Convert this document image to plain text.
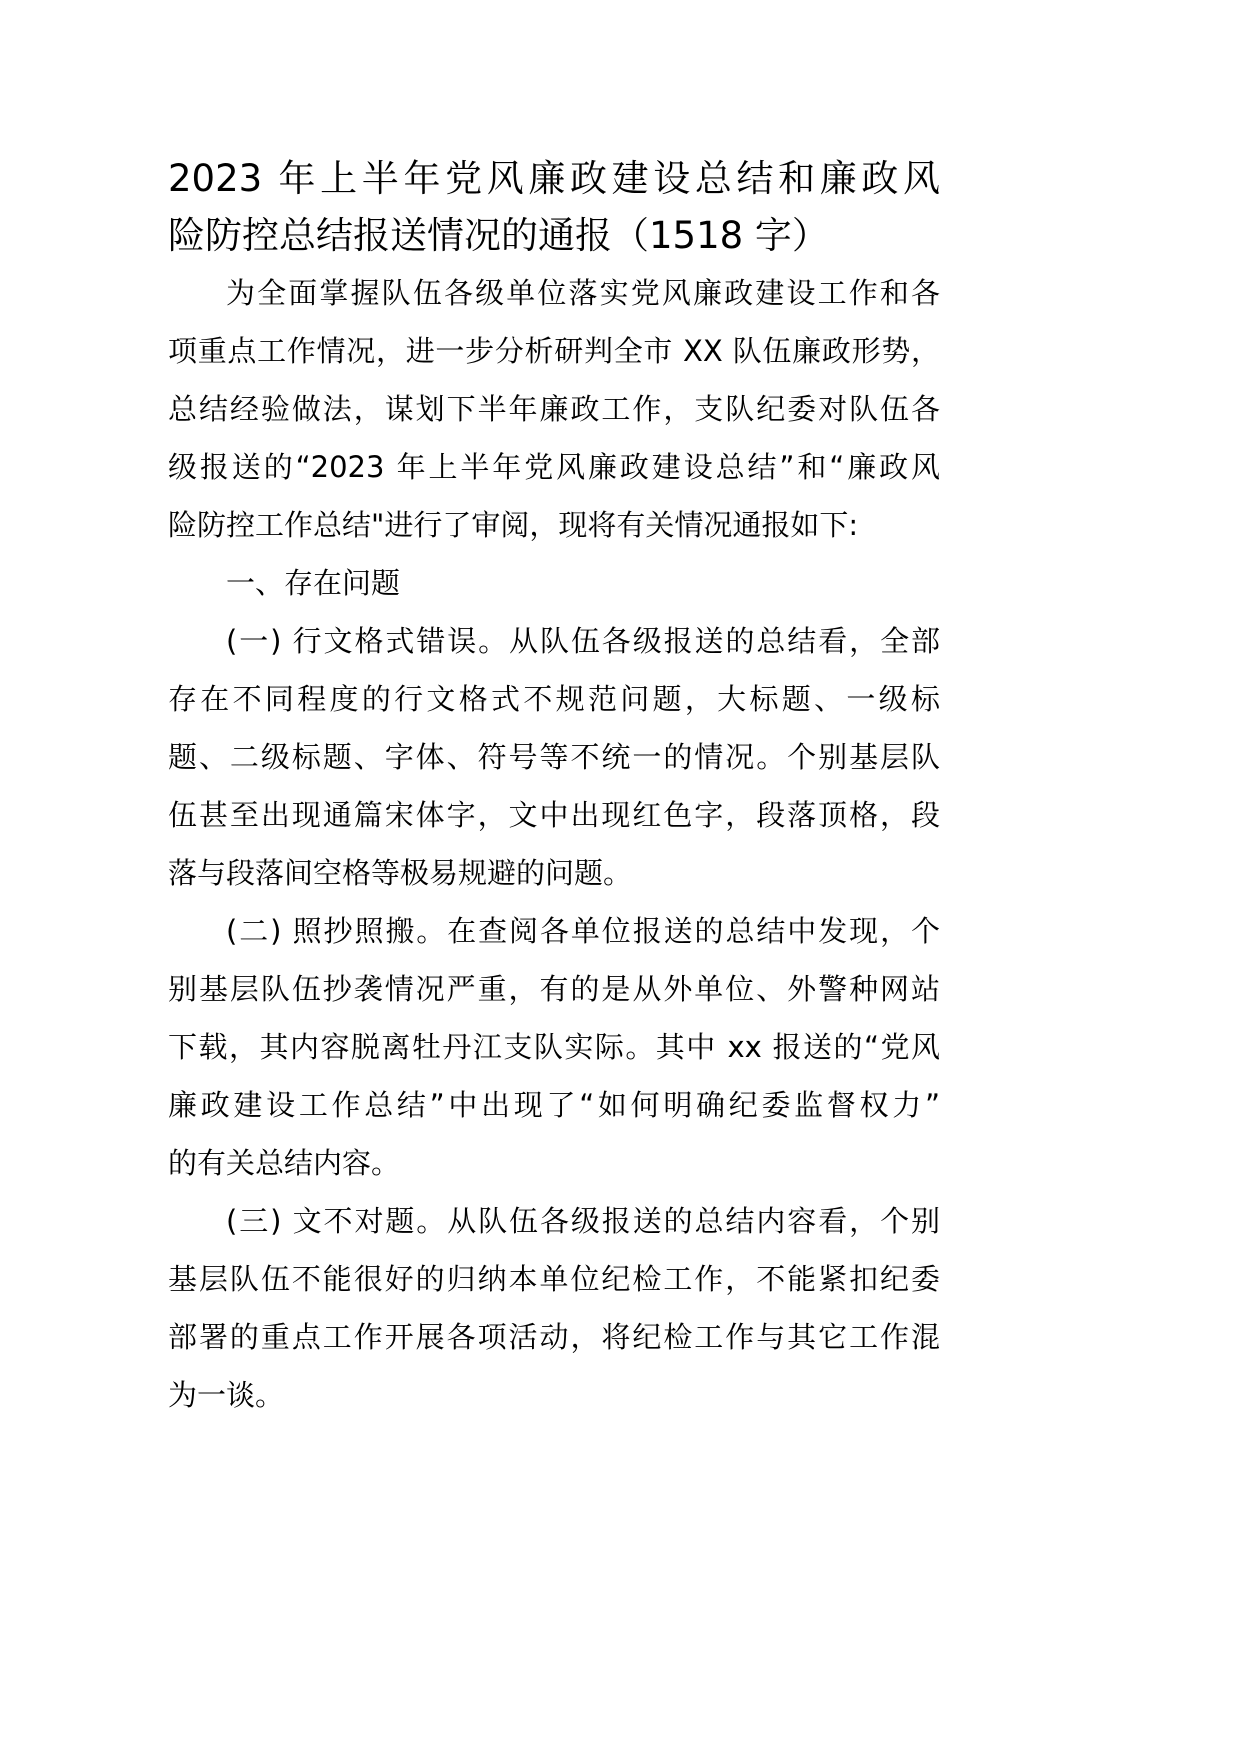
2023 年上半年党风廉政建设总结和廉政风
险防控总结报送情况的通报（1518 字）
为全面掌握队伍各级单位落实党风廉政建设工作和各
项重点工作情况，进一步分析研判全市 XX 队伍廉政形势，
总结经验做法，谋划下半年廉政工作，支队纪委对队伍各
级报送的“2023 年上半年党风廉政建设总结”和“廉政风
险防控工作总结"进行了审阅，现将有关情况通报如下:
一、存在问题
(一) 行文格式错误。从队伍各级报送的总结看，全部
存在不同程度的行文格式不规范问题，大标题、一级标
题、二级标题、字体、符号等不统一的情况。个别基层队
伍甚至出现通篇宋体字，文中出现红色字，段落顶格，段
落与段落间空格等极易规避的问题。
(二) 照抄照搬。在查阅各单位报送的总结中发现，个
别基层队伍抄袭情况严重，有的是从外单位、外警种网站
下载，其内容脱离牡丹江支队实际。其中 xx 报送的“党风
廉政建设工作总结”中出现了“如何明确纪委监督权力”
的有关总结内容。
(三) 文不对题。从队伍各级报送的总结内容看，个别
基层队伍不能很好的归纳本单位纪检工作，不能紧扣纪委
部署的重点工作开展各项活动，将纪检工作与其它工作混
为一谈。
